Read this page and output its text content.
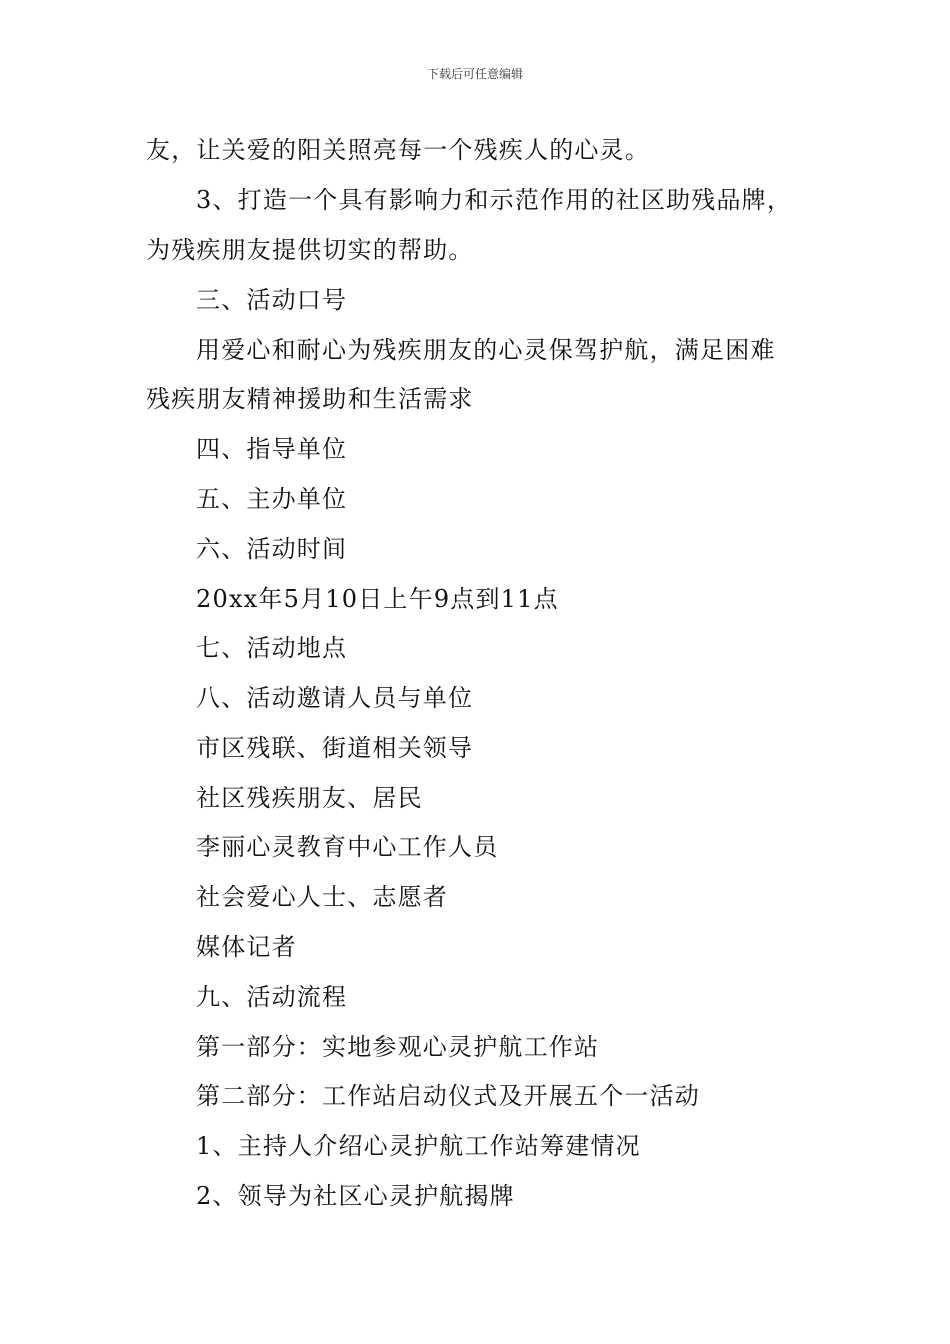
下载后可任意编辑
友，让关爱的阳关照亮每一个残疾人的心灵。
3、打造一个具有影响力和示范作用的社区助残品牌，
为残疾朋友提供切实的帮助。
三、活动口号
用爱心和耐心为残疾朋友的心灵保驾护航，满足困难
残疾朋友精神援助和生活需求
四、指导单位
五、主办单位
六、活动时间
20xx年5月10日上午9点到11点
七、活动地点
八、活动邀请人员与单位
市区残联、街道相关领导
社区残疾朋友、居民
李丽心灵教育中心工作人员
社会爱心人士、志愿者
媒体记者
九、活动流程
第一部分：实地参观心灵护航工作站
第二部分：工作站启动仪式及开展五个一活动
1、主持人介绍心灵护航工作站筹建情况
2、领导为社区心灵护航揭牌
